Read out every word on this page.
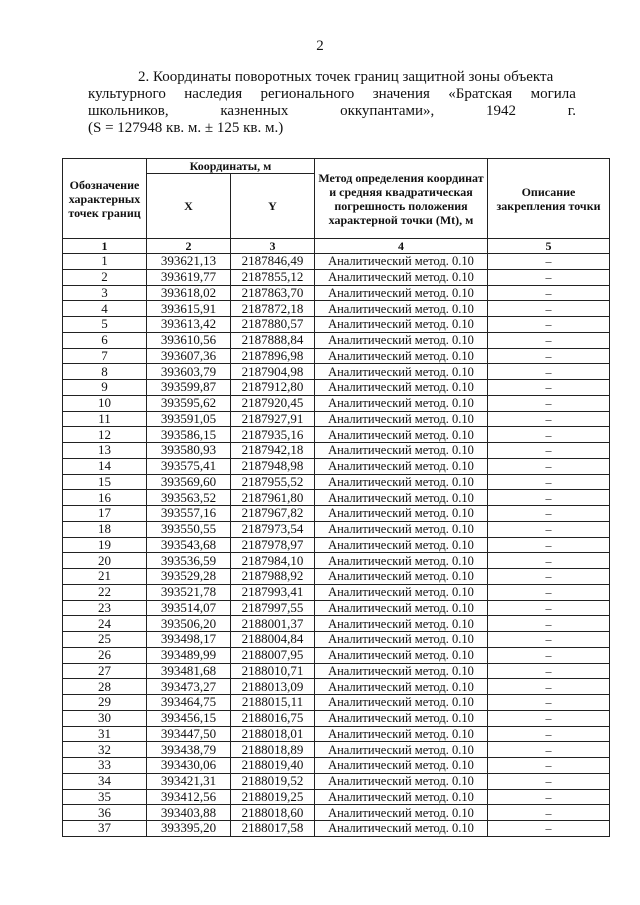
2
2. Координаты поворотных точек границ защитной зоны объекта
культурного наследия регионального значения «Братская могила
школьников,	казненных	оккупантами»,	1942	г.
(S = 127948 кв. м. ± 125 кв. м.)
Обозначение характерных точек границ	Координаты, м		Метод определения координат и средняя квадратическая погрешность положения характерной точки (Mt), м	Описание закрепления точки
	X	Y		
1	2	3	4	5
1	393621,13	2187846,49	Аналитический метод. 0.10	–
2	393619,77	2187855,12	Аналитический метод. 0.10	–
3	393618,02	2187863,70	Аналитический метод. 0.10	–
4	393615,91	2187872,18	Аналитический метод. 0.10	–
5	393613,42	2187880,57	Аналитический метод. 0.10	–
6	393610,56	2187888,84	Аналитический метод. 0.10	–
7	393607,36	2187896,98	Аналитический метод. 0.10	–
8	393603,79	2187904,98	Аналитический метод. 0.10	–
9	393599,87	2187912,80	Аналитический метод. 0.10	–
10	393595,62	2187920,45	Аналитический метод. 0.10	–
11	393591,05	2187927,91	Аналитический метод. 0.10	–
12	393586,15	2187935,16	Аналитический метод. 0.10	–
13	393580,93	2187942,18	Аналитический метод. 0.10	–
14	393575,41	2187948,98	Аналитический метод. 0.10	–
15	393569,60	2187955,52	Аналитический метод. 0.10	–
16	393563,52	2187961,80	Аналитический метод. 0.10	–
17	393557,16	2187967,82	Аналитический метод. 0.10	–
18	393550,55	2187973,54	Аналитический метод. 0.10	–
19	393543,68	2187978,97	Аналитический метод. 0.10	–
20	393536,59	2187984,10	Аналитический метод. 0.10	–
21	393529,28	2187988,92	Аналитический метод. 0.10	–
22	393521,78	2187993,41	Аналитический метод. 0.10	–
23	393514,07	2187997,55	Аналитический метод. 0.10	–
24	393506,20	2188001,37	Аналитический метод. 0.10	–
25	393498,17	2188004,84	Аналитический метод. 0.10	–
26	393489,99	2188007,95	Аналитический метод. 0.10	–
27	393481,68	2188010,71	Аналитический метод. 0.10	–
28	393473,27	2188013,09	Аналитический метод. 0.10	–
29	393464,75	2188015,11	Аналитический метод. 0.10	–
30	393456,15	2188016,75	Аналитический метод. 0.10	–
31	393447,50	2188018,01	Аналитический метод. 0.10	–
32	393438,79	2188018,89	Аналитический метод. 0.10	–
33	393430,06	2188019,40	Аналитический метод. 0.10	–
34	393421,31	2188019,52	Аналитический метод. 0.10	–
35	393412,56	2188019,25	Аналитический метод. 0.10	–
36	393403,88	2188018,60	Аналитический метод. 0.10	–
37	393395,20	2188017,58	Аналитический метод. 0.10	–
